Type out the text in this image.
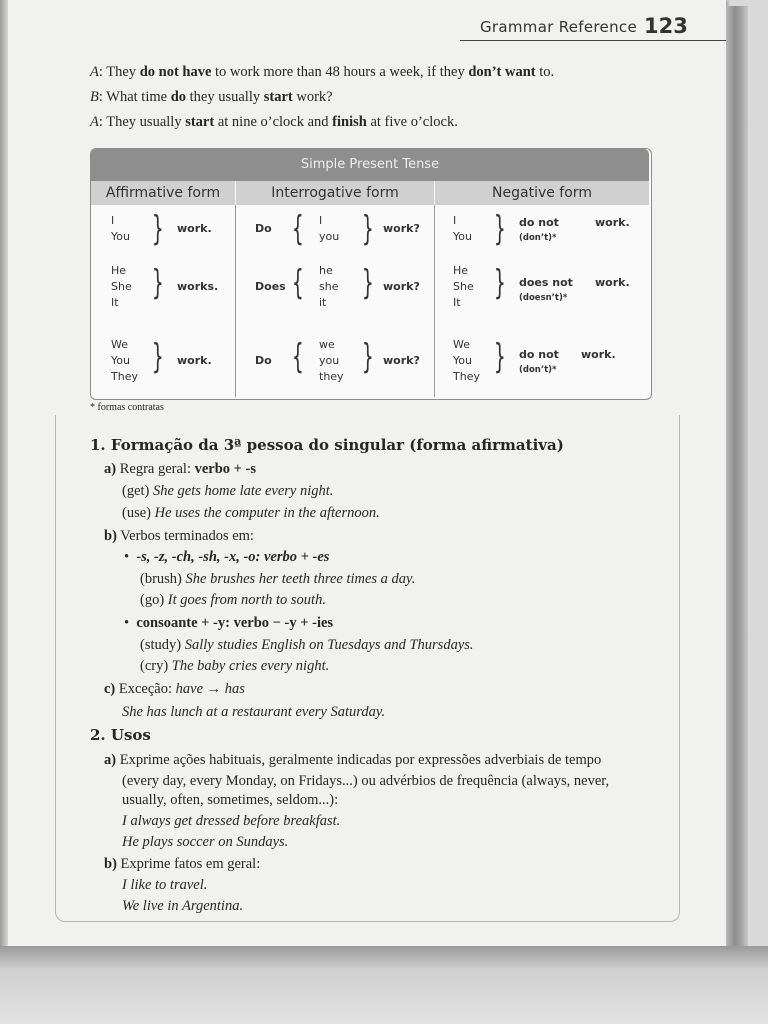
Grammar Reference 123
A: They do not have to work more than 48 hours a week, if they don’t want to.
B: What time do they usually start work?
A: They usually start at nine o’clock and finish at five o’clock.
Simple Present Tense
Affirmative form	Interrogative form	Negative form
I
You } work.
He
She
It } works.
We
You
They } work.
Do { I
you } work?
Does { he
she
it } work?
Do { we
you
they } work?
I
You } do not
(don’t)*
work.
He
She
It } does not
(doesn’t)*
work.
We
You
They } do not
(don’t)*
work.
* formas contratas
1. Formação da 3ª pessoa do singular (forma afirmativa)
a) Regra geral: verbo + -s
(get) She gets home late every night.
(use) He uses the computer in the afternoon.
b) Verbos terminados em:
• -s, -z, -ch, -sh, -x, -o: verbo + -es
(brush) She brushes her teeth three times a day.
(go) It goes from north to south.
• consoante + -y: verbo − -y + -ies
(study) Sally studies English on Tuesdays and Thursdays.
(cry) The baby cries every night.
c) Exceção: have → has
She has lunch at a restaurant every Saturday.
2. Usos
a) Exprime ações habituais, geralmente indicadas por expressões adverbiais de tempo
(every day, every Monday, on Fridays...) ou advérbios de frequência (always, never,
usually, often, sometimes, seldom...):
I always get dressed before breakfast.
He plays soccer on Sundays.
b) Exprime fatos em geral:
I like to travel.
We live in Argentina.
